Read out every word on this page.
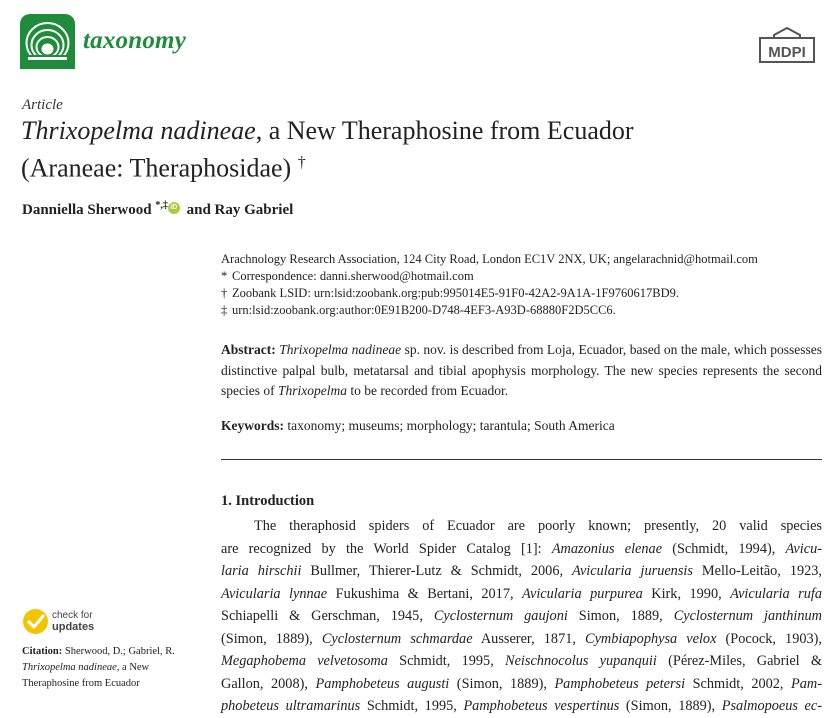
taxonomy	MDPI
Article
Thrixopelma nadineae, a New Theraphosine from Ecuador
(Araneae: Theraphosidae) †
Danniella Sherwood *,‡ iD and Ray Gabriel
Arachnology Research Association, 124 City Road, London EC1V 2NX, UK; angelarachnid@hotmail.com
* Correspondence: danni.sherwood@hotmail.com
† Zoobank LSID: urn:lsid:zoobank.org:pub:995014E5-91F0-42A2-9A1A-1F9760617BD9.
‡ urn:lsid:zoobank.org:author:0E91B200-D748-4EF3-A93D-68880F2D5CC6.
Abstract: Thrixopelma nadineae sp. nov. is described from Loja, Ecuador, based on the male, which possesses distinctive palpal bulb, metatarsal and tibial apophysis morphology. The new species represents the second species of Thrixopelma to be recorded from Ecuador.
Keywords: taxonomy; museums; morphology; tarantula; South America
1. Introduction
The theraphosid spiders of Ecuador are poorly known; presently, 20 valid species
are recognized by the World Spider Catalog [1]: Amazonius elenae (Schmidt, 1994), Avicu-
laria hirschii Bullmer, Thierer-Lutz & Schmidt, 2006, Avicularia juruensis Mello-Leitão, 1923,
Avicularia lynnae Fukushima & Bertani, 2017, Avicularia purpurea Kirk, 1990, Avicularia rufa
Schiapelli & Gerschman, 1945, Cyclosternum gaujoni Simon, 1889, Cyclosternum janthinum
(Simon, 1889), Cyclosternum schmardae Ausserer, 1871, Cymbiapophysa velox (Pocock, 1903),
Megaphobema velvetosoma Schmidt, 1995, Neischnocolus yupanquii (Pérez-Miles, Gabriel &
Gallon, 2008), Pamphobeteus augusti (Simon, 1889), Pamphobeteus petersi Schmidt, 2002, Pam-
phobeteus ultramarinus Schmidt, 1995, Pamphobeteus vespertinus (Simon, 1889), Psalmopoeus ec-
check for
updates
Citation: Sherwood, D.; Gabriel, R.
Thrixopelma nadineae, a New
Theraphosine from Ecuador
